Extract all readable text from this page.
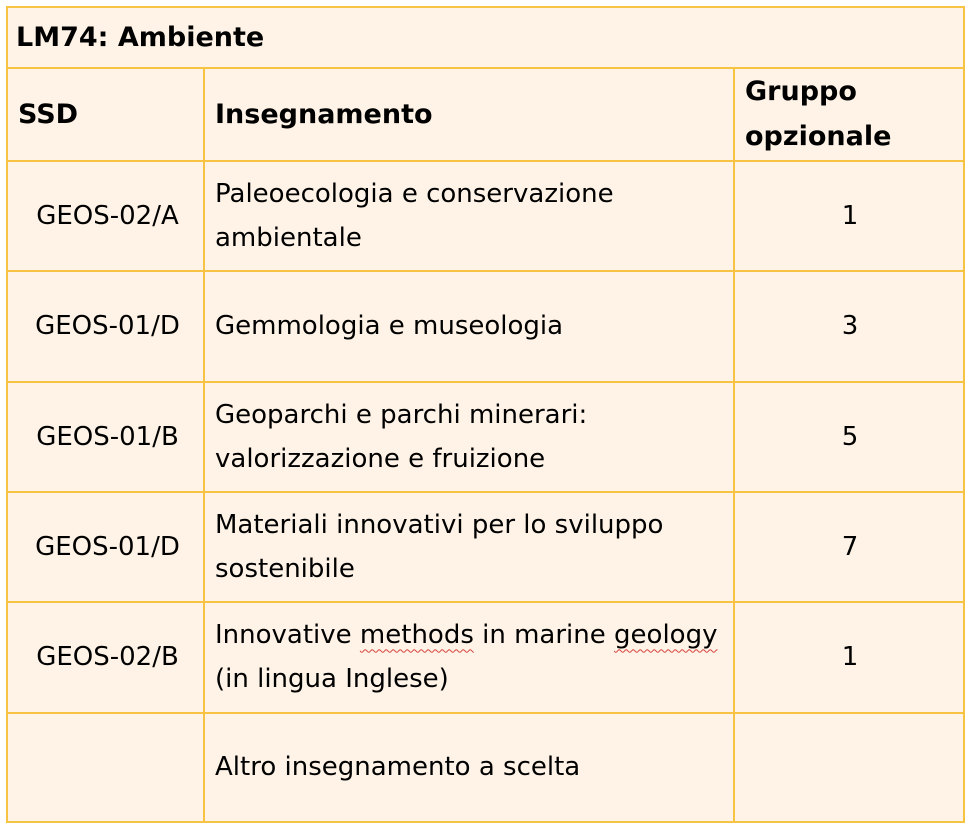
LM74: Ambiente		
SSD	Insegnamento	Gruppo opzionale
GEOS-02/A	Paleoecologia e conservazione ambientale	1
GEOS-01/D	Gemmologia e museologia	3
GEOS-01/B	Geoparchi e parchi minerari: valorizzazione e fruizione	5
GEOS-01/D	Materiali innovativi per lo sviluppo sostenibile	7
GEOS-02/B	Innovative methods in marine geology (in lingua Inglese)	1
	Altro insegnamento a scelta	
